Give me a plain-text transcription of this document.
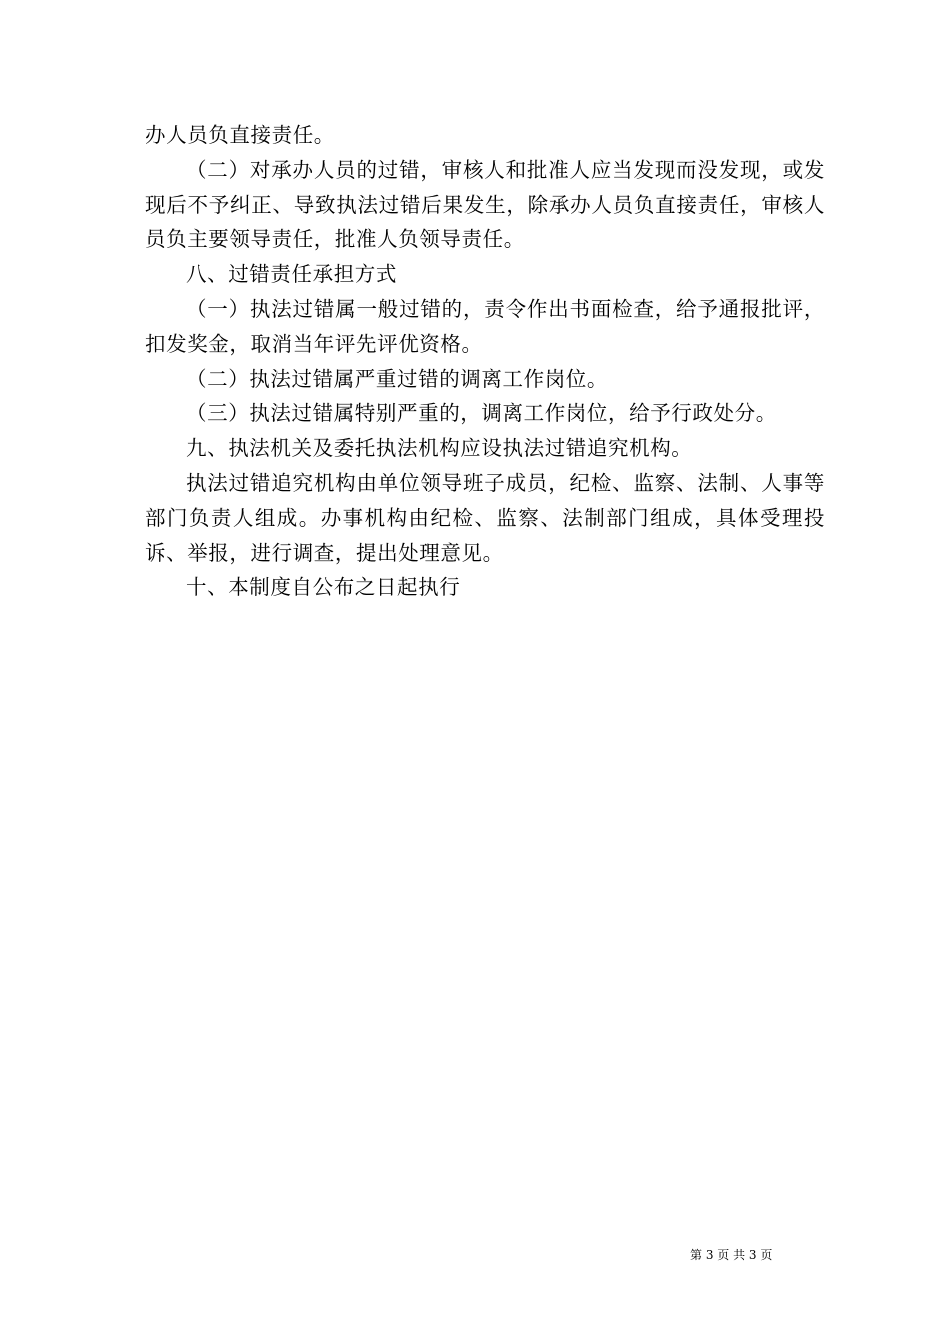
办人员负直接责任。

（二）对承办人员的过错，审核人和批准人应当发现而没发现，或发现后不予纠正、导致执法过错后果发生，除承办人员负直接责任，审核人员负主要领导责任，批准人负领导责任。

八、过错责任承担方式

（一）执法过错属一般过错的，责令作出书面检查，给予通报批评，扣发奖金，取消当年评先评优资格。

（二）执法过错属严重过错的调离工作岗位。

（三）执法过错属特别严重的，调离工作岗位，给予行政处分。

九、执法机关及委托执法机构应设执法过错追究机构。

执法过错追究机构由单位领导班子成员，纪检、监察、法制、人事等部门负责人组成。办事机构由纪检、监察、法制部门组成，具体受理投诉、举报，进行调查，提出处理意见。

十、本制度自公布之日起执行

第 3 页 共 3 页
